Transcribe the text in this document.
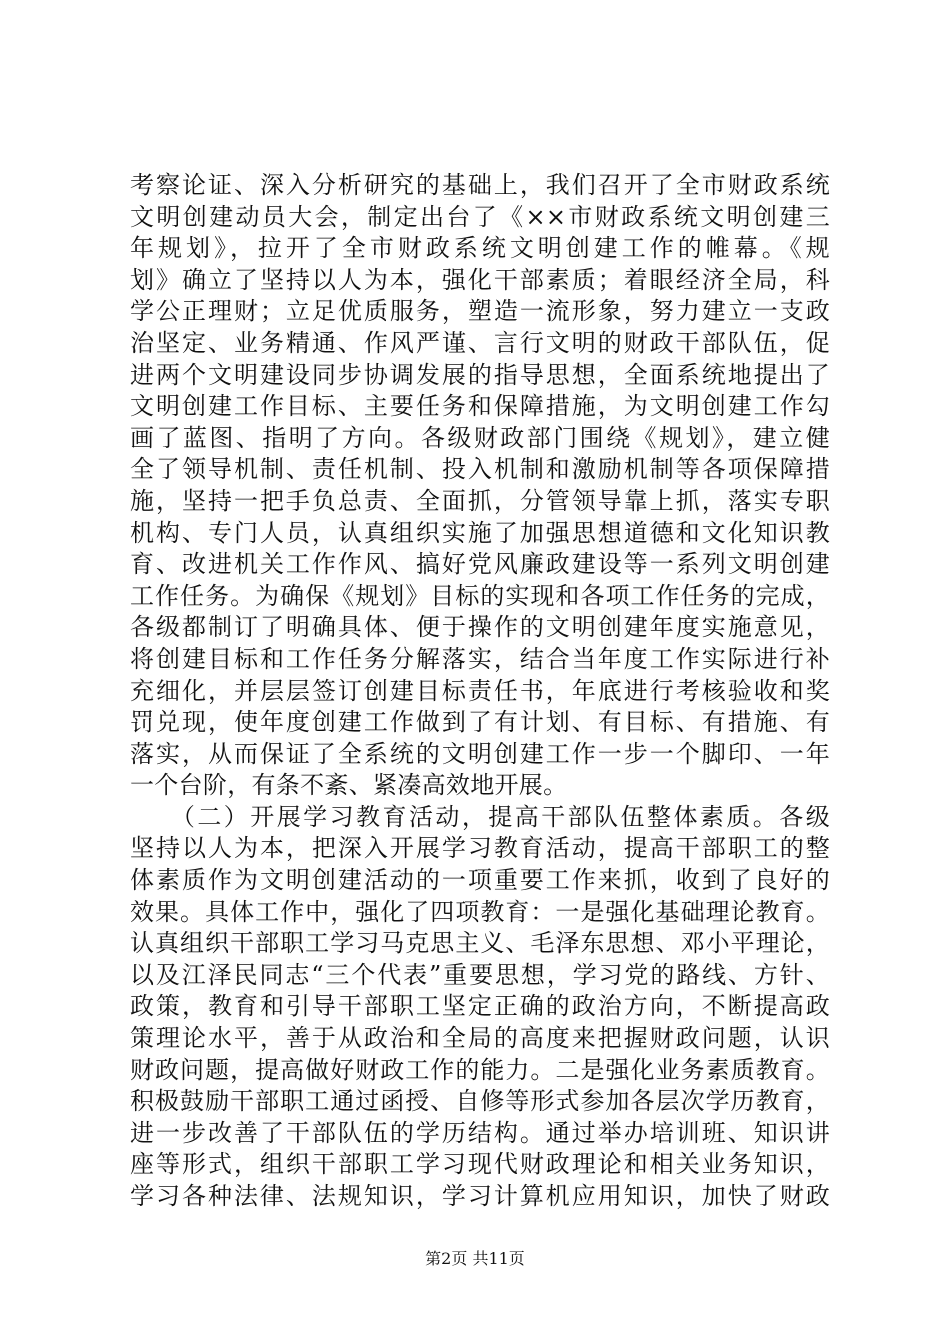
考察论证、深入分析研究的基础上，我们召开了全市财政系统
文明创建动员大会，制定出台了《××市财政系统文明创建三
年规划》，拉开了全市财政系统文明创建工作的帷幕。《规
划》确立了坚持以人为本，强化干部素质；着眼经济全局，科
学公正理财；立足优质服务，塑造一流形象，努力建立一支政
治坚定、业务精通、作风严谨、言行文明的财政干部队伍，促
进两个文明建设同步协调发展的指导思想，全面系统地提出了
文明创建工作目标、主要任务和保障措施，为文明创建工作勾
画了蓝图、指明了方向。各级财政部门围绕《规划》，建立健
全了领导机制、责任机制、投入机制和激励机制等各项保障措
施，坚持一把手负总责、全面抓，分管领导靠上抓，落实专职
机构、专门人员，认真组织实施了加强思想道德和文化知识教
育、改进机关工作作风、搞好党风廉政建设等一系列文明创建
工作任务。为确保《规划》目标的实现和各项工作任务的完成，
各级都制订了明确具体、便于操作的文明创建年度实施意见，
将创建目标和工作任务分解落实，结合当年度工作实际进行补
充细化，并层层签订创建目标责任书，年底进行考核验收和奖
罚兑现，使年度创建工作做到了有计划、有目标、有措施、有
落实，从而保证了全系统的文明创建工作一步一个脚印、一年
一个台阶，有条不紊、紧凑高效地开展。
　　（二）开展学习教育活动，提高干部队伍整体素质。各级
坚持以人为本，把深入开展学习教育活动，提高干部职工的整
体素质作为文明创建活动的一项重要工作来抓，收到了良好的
效果。具体工作中，强化了四项教育：一是强化基础理论教育。
认真组织干部职工学习马克思主义、毛泽东思想、邓小平理论，
以及江泽民同志“三个代表”重要思想，学习党的路线、方针、
政策，教育和引导干部职工坚定正确的政治方向，不断提高政
策理论水平，善于从政治和全局的高度来把握财政问题，认识
财政问题，提高做好财政工作的能力。二是强化业务素质教育。
积极鼓励干部职工通过函授、自修等形式参加各层次学历教育，
进一步改善了干部队伍的学历结构。通过举办培训班、知识讲
座等形式，组织干部职工学习现代财政理论和相关业务知识，
学习各种法律、法规知识，学习计算机应用知识，加快了财政
第2页 共11页
